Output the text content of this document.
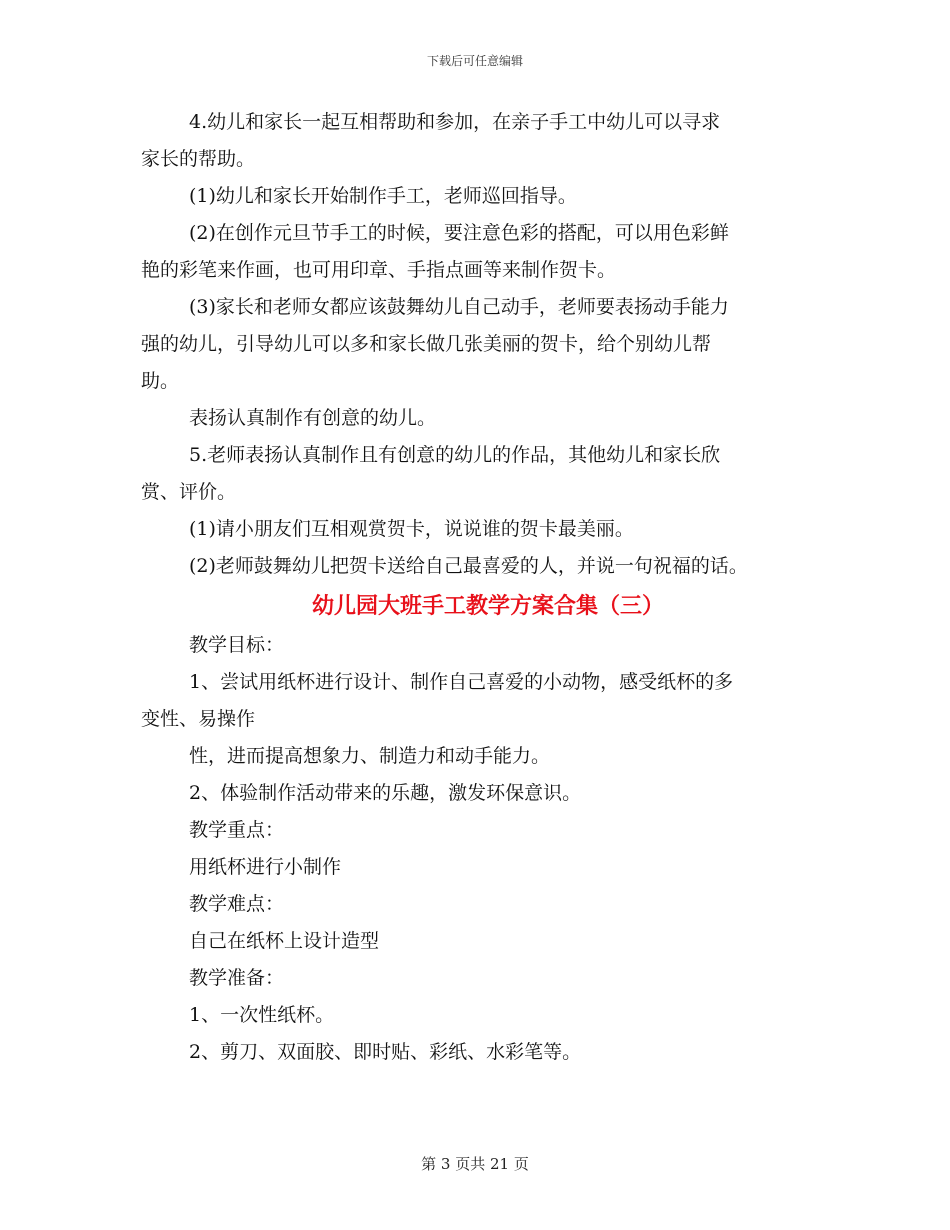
下载后可任意编辑

4.幼儿和家长一起互相帮助和参加，在亲子手工中幼儿可以寻求

家长的帮助。

(1)幼儿和家长开始制作手工，老师巡回指导。

(2)在创作元旦节手工的时候，要注意色彩的搭配，可以用色彩鲜

艳的彩笔来作画，也可用印章、手指点画等来制作贺卡。

(3)家长和老师女都应该鼓舞幼儿自己动手，老师要表扬动手能力

强的幼儿，引导幼儿可以多和家长做几张美丽的贺卡，给个别幼儿帮

助。

表扬认真制作有创意的幼儿。

5.老师表扬认真制作且有创意的幼儿的作品，其他幼儿和家长欣

赏、评价。

(1)请小朋友们互相观赏贺卡，说说谁的贺卡最美丽。

(2)老师鼓舞幼儿把贺卡送给自己最喜爱的人，并说一句祝福的话。

幼儿园大班手工教学方案合集（三）

教学目标：

1、尝试用纸杯进行设计、制作自己喜爱的小动物，感受纸杯的多

变性、易操作

性，进而提高想象力、制造力和动手能力。

2、体验制作活动带来的乐趣，激发环保意识。

教学重点：

用纸杯进行小制作

教学难点：

自己在纸杯上设计造型

教学准备：

1、一次性纸杯。

2、剪刀、双面胶、即时贴、彩纸、水彩笔等。

第 3 页共 21 页
